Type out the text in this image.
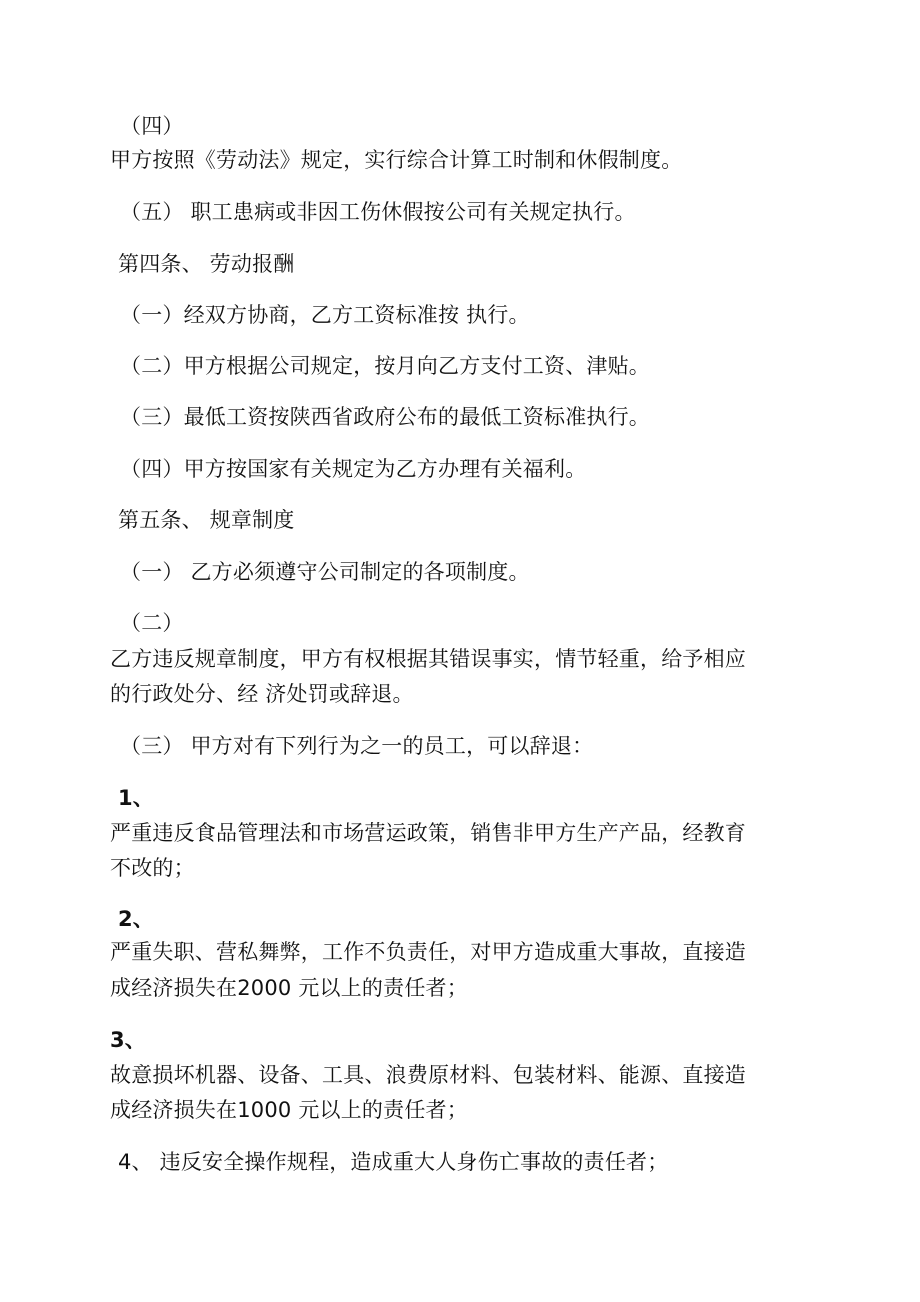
（四）
甲方按照《劳动法》规定，实行综合计算工时制和休假制度。
（五） 职工患病或非因工伤休假按公司有关规定执行。
第四条、 劳动报酬
（一）经双方协商，乙方工资标准按 执行。
（二）甲方根据公司规定，按月向乙方支付工资、津贴。
（三）最低工资按陕西省政府公布的最低工资标准执行。
（四）甲方按国家有关规定为乙方办理有关福利。
第五条、 规章制度
（一） 乙方必须遵守公司制定的各项制度。
（二）
乙方违反规章制度，甲方有权根据其错误事实，情节轻重，给予相应
的行政处分、经 济处罚或辞退。
（三） 甲方对有下列行为之一的员工，可以辞退：
1、
严重违反食品管理法和市场营运政策，销售非甲方生产产品，经教育
不改的；
2、
严重失职、营私舞弊，工作不负责任，对甲方造成重大事故，直接造
成经济损失在2000 元以上的责任者；
3、
故意损坏机器、设备、工具、浪费原材料、包装材料、能源、直接造
成经济损失在1000 元以上的责任者；
4、 违反安全操作规程，造成重大人身伤亡事故的责任者；
